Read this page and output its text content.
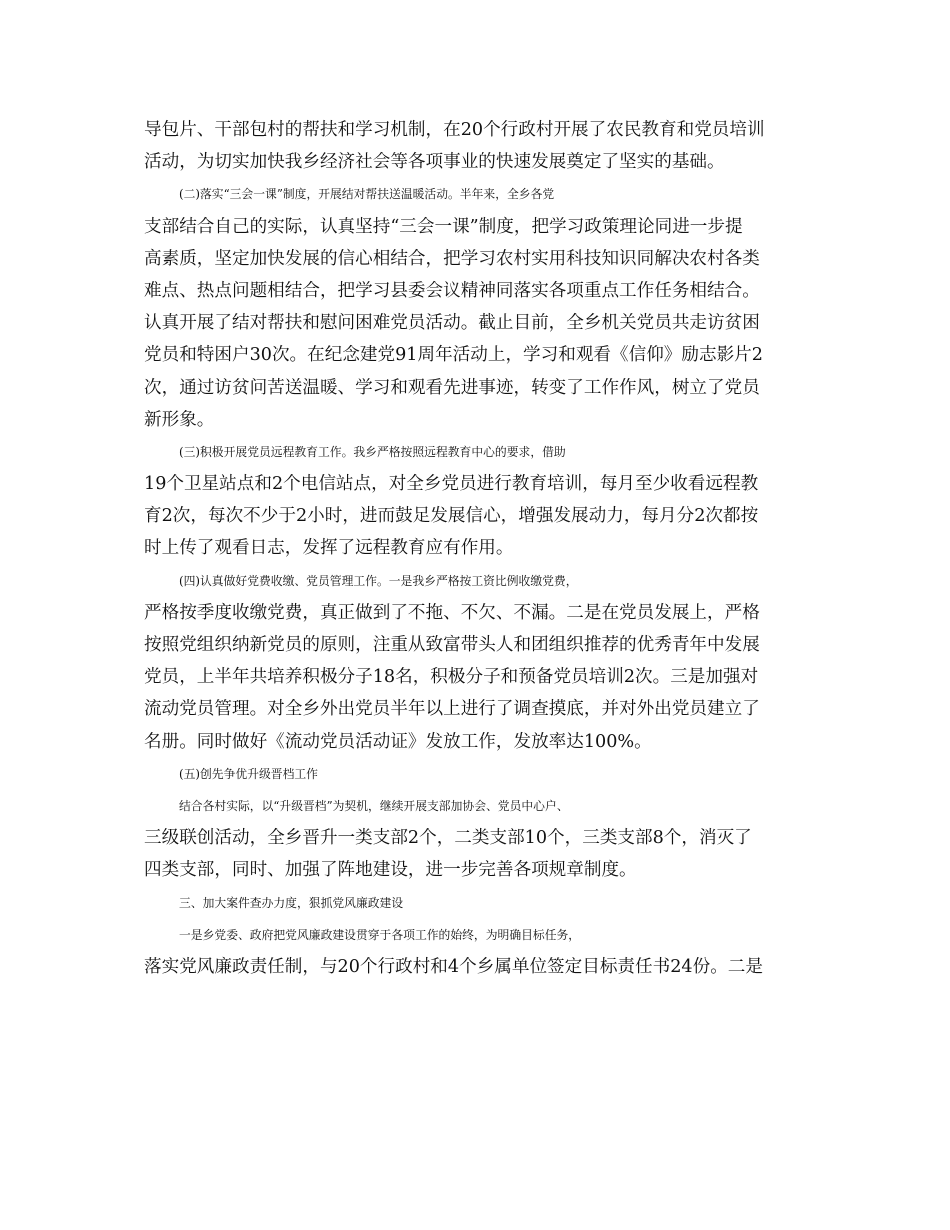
导包片、干部包村的帮扶和学习机制，在20个行政村开展了农民教育和党员培训
活动，为切实加快我乡经济社会等各项事业的快速发展奠定了坚实的基础。
(二)落实“三会一课”制度，开展结对帮扶送温暖活动。半年来，全乡各党
支部结合自己的实际，认真坚持“三会一课”制度，把学习政策理论同进一步提
高素质，坚定加快发展的信心相结合，把学习农村实用科技知识同解决农村各类
难点、热点问题相结合，把学习县委会议精神同落实各项重点工作任务相结合。
认真开展了结对帮扶和慰问困难党员活动。截止目前，全乡机关党员共走访贫困
党员和特困户30次。在纪念建党91周年活动上，学习和观看《信仰》励志影片2
次，通过访贫问苦送温暖、学习和观看先进事迹，转变了工作作风，树立了党员
新形象。
(三)积极开展党员远程教育工作。我乡严格按照远程教育中心的要求，借助
19个卫星站点和2个电信站点，对全乡党员进行教育培训，每月至少收看远程教
育2次，每次不少于2小时，进而鼓足发展信心，增强发展动力，每月分2次都按
时上传了观看日志，发挥了远程教育应有作用。
(四)认真做好党费收缴、党员管理工作。一是我乡严格按工资比例收缴党费，
严格按季度收缴党费，真正做到了不拖、不欠、不漏。二是在党员发展上，严格
按照党组织纳新党员的原则，注重从致富带头人和团组织推荐的优秀青年中发展
党员，上半年共培养积极分子18名，积极分子和预备党员培训2次。三是加强对
流动党员管理。对全乡外出党员半年以上进行了调查摸底，并对外出党员建立了
名册。同时做好《流动党员活动证》发放工作，发放率达100%。
(五)创先争优升级晋档工作
结合各村实际，以“升级晋档”为契机，继续开展支部加协会、党员中心户、
三级联创活动，全乡晋升一类支部2个，二类支部10个，三类支部8个，消灭了
四类支部，同时、加强了阵地建设，进一步完善各项规章制度。
三、加大案件查办力度，狠抓党风廉政建设
一是乡党委、政府把党风廉政建设贯穿于各项工作的始终，为明确目标任务，
落实党风廉政责任制，与20个行政村和4个乡属单位签定目标责任书24份。二是
